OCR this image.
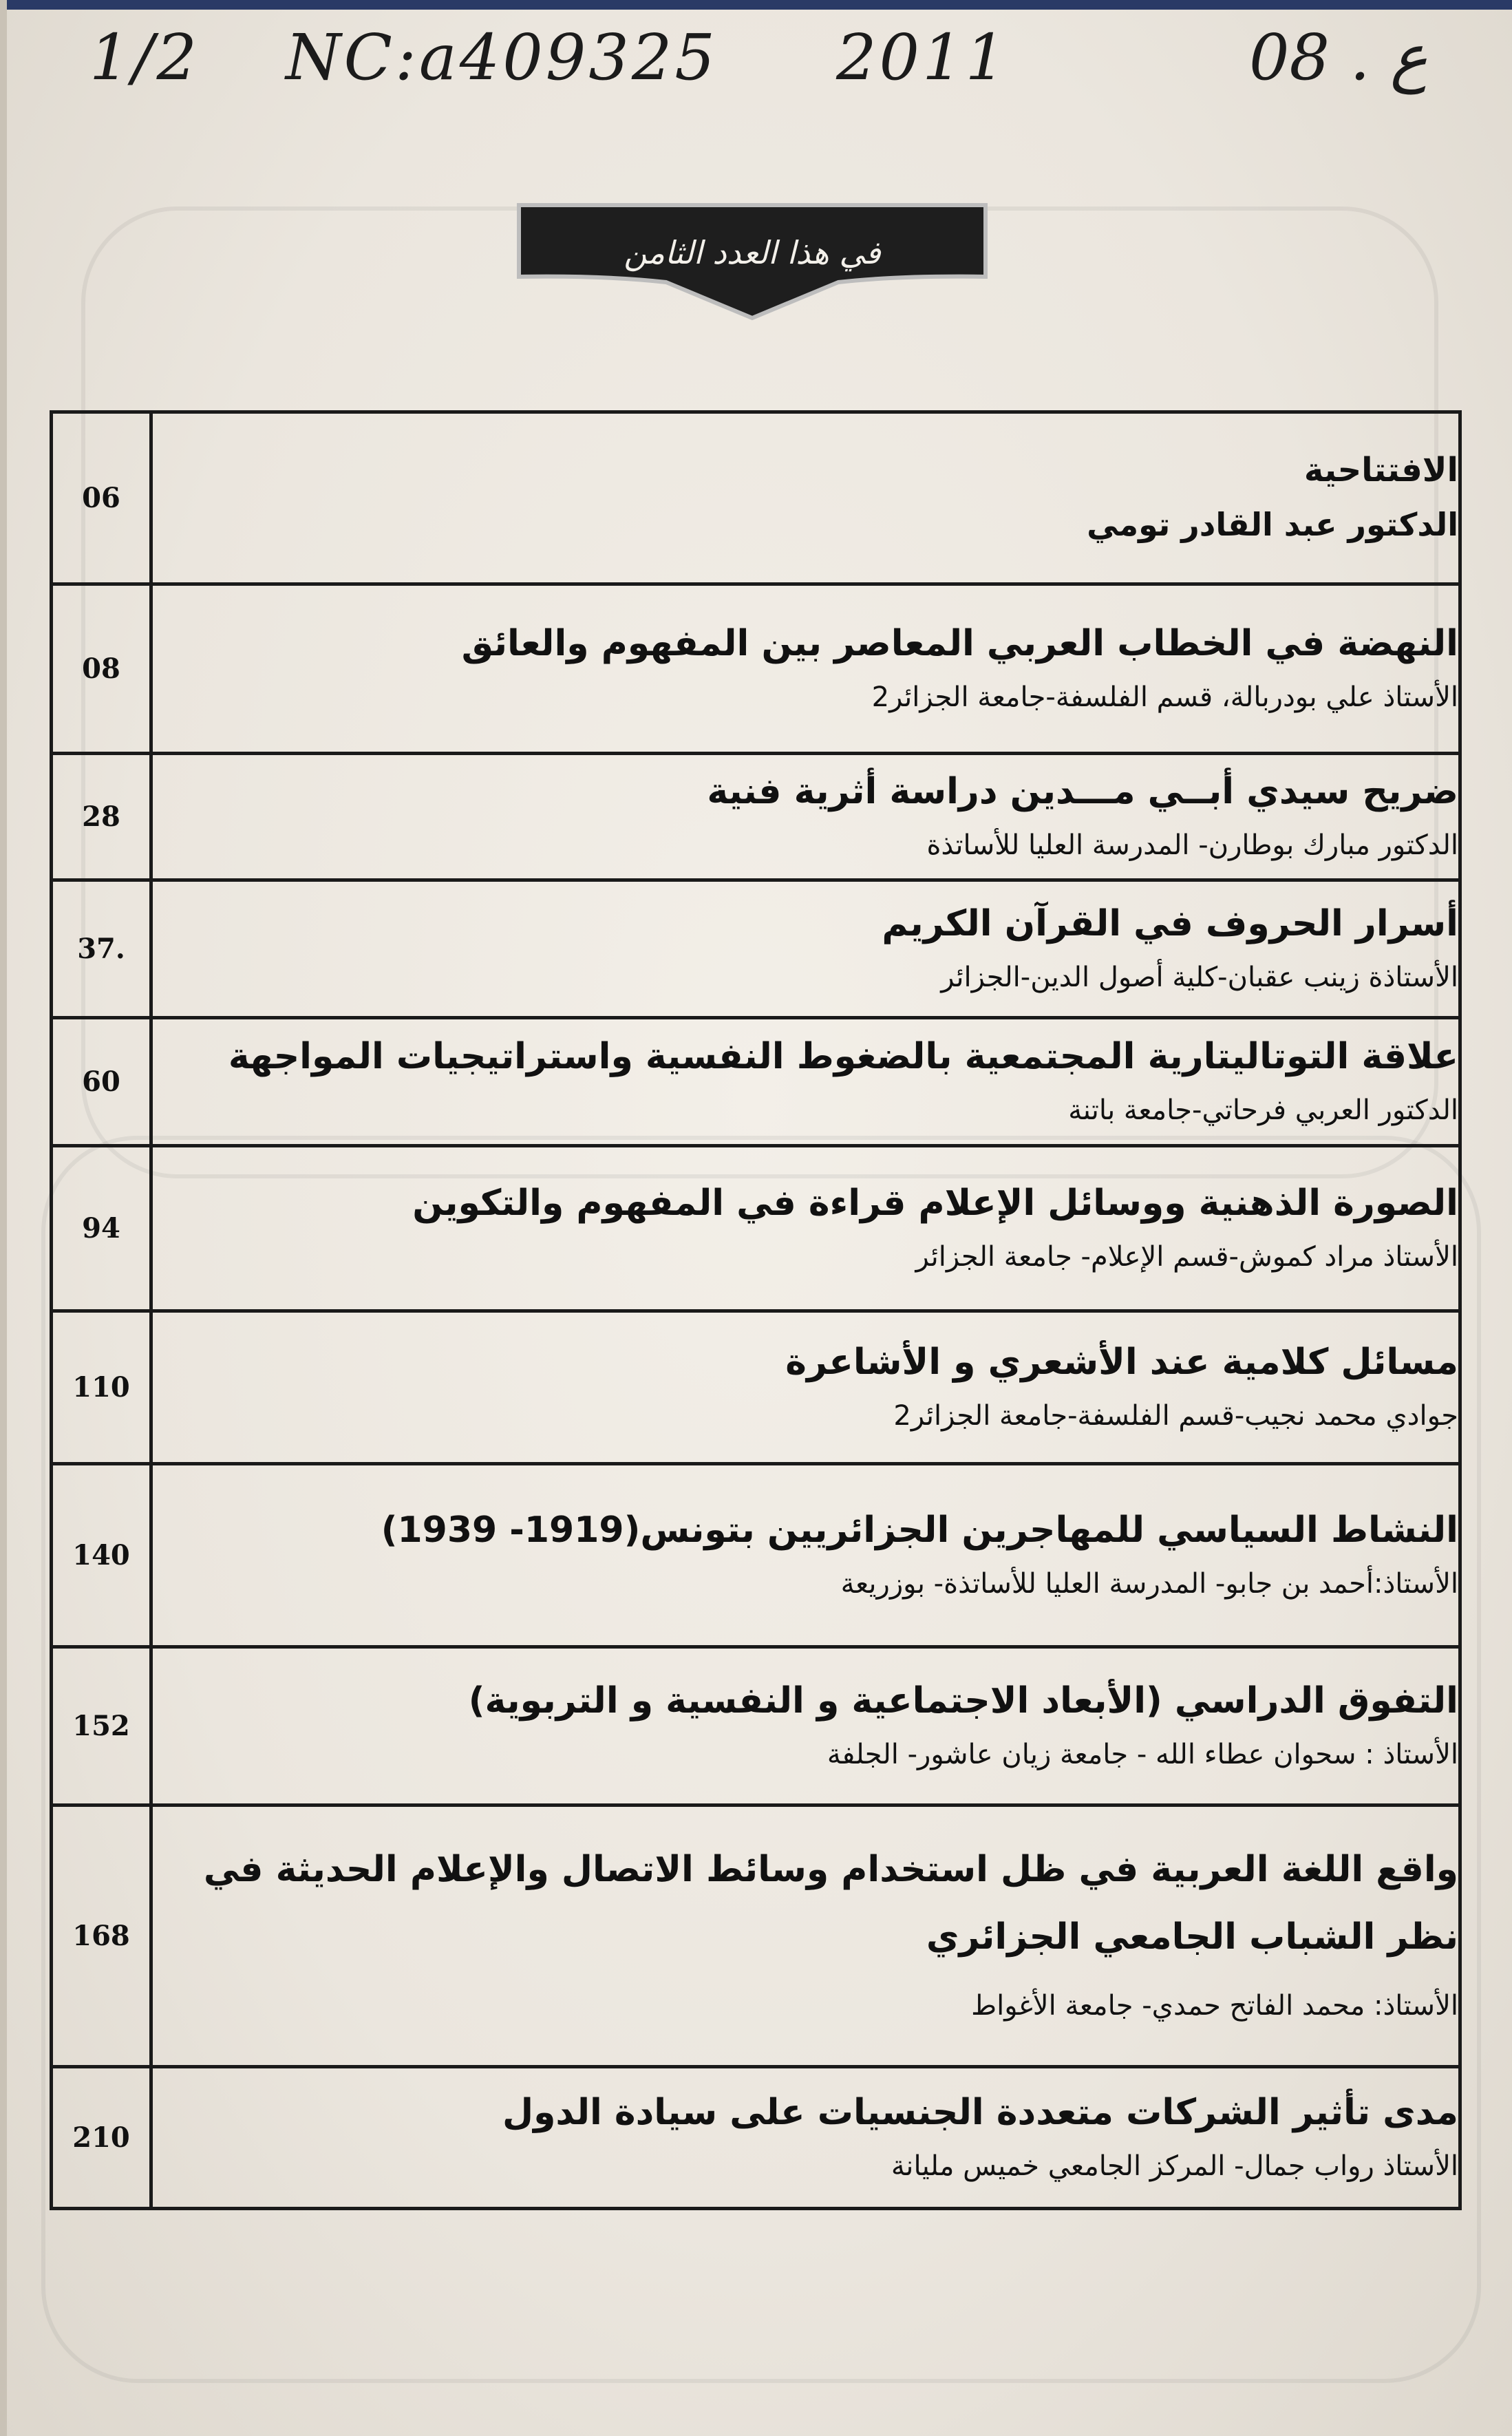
1/2 NC:a409325 2011	ع . 08
في هذا العدد الثامن
06	الافتتاحية
الدكتور عبد القادر تومي

08	النهضة في الخطاب العربي المعاصر بين المفهوم والعائق
الأستاذ علي بودربالة، قسم الفلسفة-جامعة الجزائر2

28	ضريح سيدي أبــي مـــدين دراسة أثرية فنية
الدكتور مبارك بوطارن- المدرسة العليا للأساتذة

37.	أسرار الحروف في القرآن الكريم
الأستاذة زينب عقبان-كلية أصول الدين-الجزائر

60	علاقة التوتاليتارية المجتمعية بالضغوط النفسية واستراتيجيات المواجهة
الدكتور العربي فرحاتي-جامعة باتنة

94	الصورة الذهنية ووسائل الإعلام قراءة في المفهوم والتكوين
الأستاذ مراد كموش-قسم الإعلام- جامعة الجزائر

110	مسائل كلامية عند الأشعري و الأشاعرة
جوادي محمد نجيب-قسم الفلسفة-جامعة الجزائر2

140	النشاط السياسي للمهاجرين الجزائريين بتونس(1919- 1939)
الأستاذ:أحمد بن جابو- المدرسة العليا للأساتذة- بوزريعة

152	التفوق الدراسي (الأبعاد الاجتماعية و النفسية و التربوية)
الأستاذ : سحوان عطاء الله - جامعة زيان عاشور- الجلفة

168	واقع اللغة العربية في ظل استخدام وسائط الاتصال والإعلام الحديثة في
نظر الشباب الجامعي الجزائري
الأستاذ: محمد الفاتح حمدي- جامعة الأغواط

210	مدى تأثير الشركات متعددة الجنسيات على سيادة الدول
الأستاذ رواب جمال- المركز الجامعي خميس مليانة
